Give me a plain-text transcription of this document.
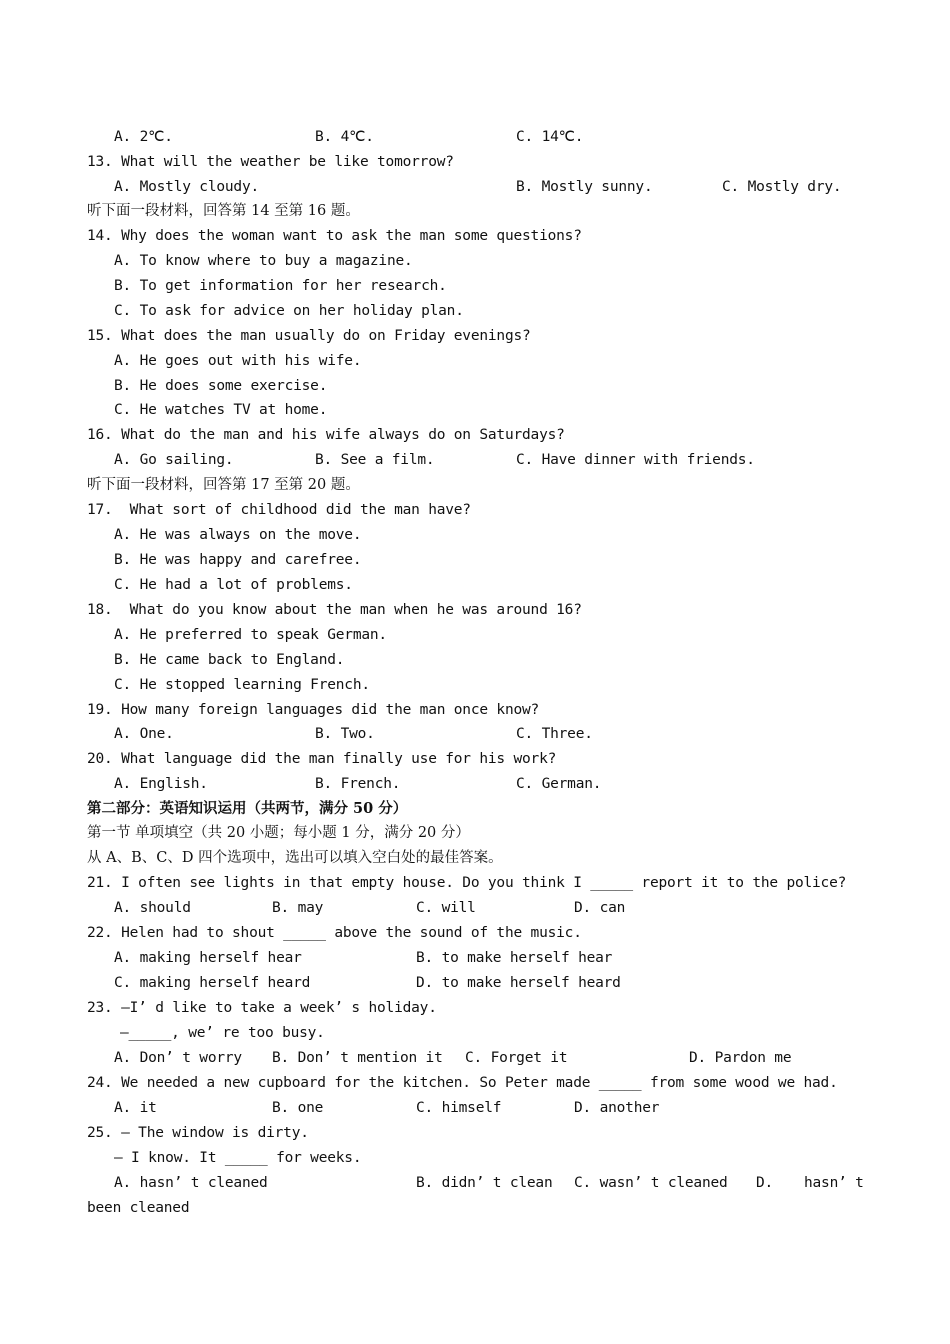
A. 2℃.

	B. 4℃.

	C. 14℃.

13. What will the weather be like tomorrow?

A. Mostly cloudy.

	B. Mostly sunny.

	C. Mostly dry.

听下面一段材料，回答第 14 至第 16 题。
14. Why does the woman want to ask the man some questions?
A. To know where to buy a magazine.
B. To get information for her research.
C. To ask for advice on her holiday plan.
15. What does the man usually do on Friday evenings?
A. He goes out with his wife.
B. He does some exercise.
C. He watches TV at home.
16. What do the man and his wife always do on Saturdays?

A. Go sailing.

	B. See a film.

	C. Have dinner with friends.

听下面一段材料，回答第 17 至第 20 题。
17.  What sort of childhood did the man have?
A. He was always on the move.
B. He was happy and carefree.
C. He had a lot of problems.
18.  What do you know about the man when he was around 16?
A. He preferred to speak German.
B. He came back to England.
C. He stopped learning French.
19. How many foreign languages did the man once know?

A. One.

	B. Two.

	C. Three.

20. What language did the man finally use for his work?

A. English.

	B. French.

	C. German.

第二部分：英语知识运用（共两节，满分 50 分）
第一节 单项填空（共 20 小题；每小题 1 分，满分 20 分）
从 A、B、C、D 四个选项中，选出可以填入空白处的最佳答案。
21. I often see lights in that empty house. Do you think I _____ report it to the police?

A. should

	B. may

	C. will

	D. can

22. Helen had to shout _____ above the sound of the music.

A. making herself hear

	B. to make herself hear

C. making herself heard

	D. to make herself heard

23. —I’ d like to take a week’ s holiday.
—_____, we’ re too busy.

A. Don’ t worry

B. Don’ t mention it

C. Forget it

	D. Pardon me

24. We needed a new cupboard for the kitchen. So Peter made _____ from some wood we had.

A. it

	B. one

	C. himself

	D. another

25. — The window is dirty.
— I know. It _____ for weeks.

A. hasn’ t cleaned

	B. didn’ t clean

C. wasn’ t cleaned

D.

hasn’ t

been cleaned
